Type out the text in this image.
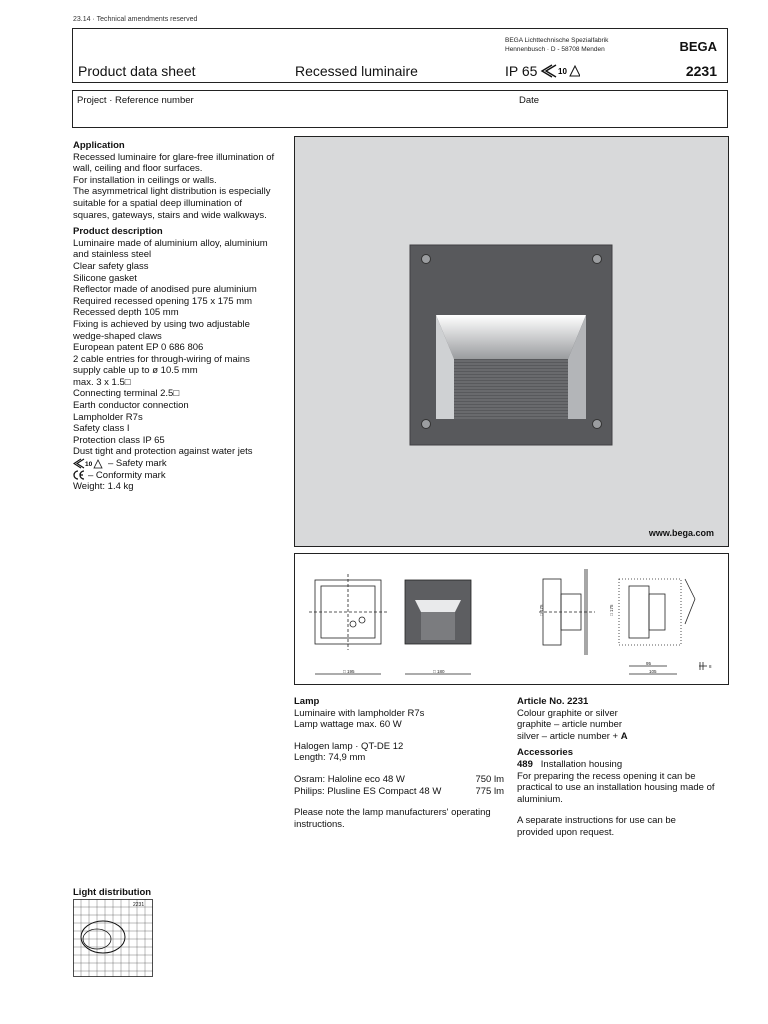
23.14 · Technical amendments reserved
BEGA Lichttechnische Spezialfabrik
Hennenbusch · D - 58708 Menden	BEGA
Product data sheet	Recessed luminaire	IP 65	10	2231
Project · Reference number	Date
Application
Recessed luminaire for glare-free illumination of
wall, ceiling and floor surfaces.
For installation in ceilings or walls.
The asymmetrical light distribution is especially
suitable for a spatial deep illumination of
squares, gateways, stairs and wide walkways.
Product description
Luminaire made of aluminium alloy, aluminium
and stainless steel
Clear safety glass
Silicone gasket
Reflector made of anodised pure aluminium
Required recessed opening 175 x 175 mm
Recessed depth 105 mm
Fixing is achieved by using two adjustable
wedge-shaped claws
European patent EP 0 686 806
2 cable entries for through-wiring of mains
supply cable up to ø 10.5 mm
max. 3 x 1.5□
Connecting terminal 2.5□
Earth conductor connection
Lampholder R7s
Safety class I
Protection class IP 65
Dust tight and protection against water jets
10 – Safety mark
– Conformity mark
Weight: 1.4 kg
www.bega.com
□ 195	□ 180
□ 175	□ 175
95
105
8
Lamp
Luminaire with lampholder R7s
Lamp wattage max. 60 W
Halogen lamp · QT-DE 12
Length: 74,9 mm
Osram: Haloline eco 48 W	750 lm
Philips: Plusline ES Compact 48 W	775 lm
Please note the lamp manufacturers' operating
instructions.
Article No. 2231
Colour graphite or silver
graphite – article number
silver – article number + A
Accessories
489 Installation housing
For preparing the recess opening it can be
practical to use an installation housing made of
aluminium.
A separate instructions for use can be
provided upon request.
Light distribution
2231
